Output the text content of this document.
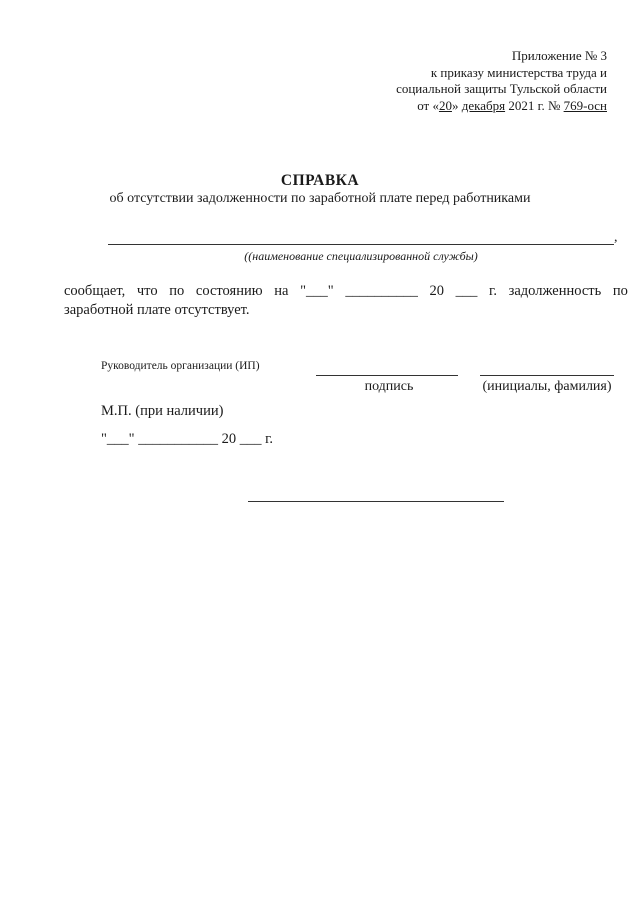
Приложение № 3
к приказу министерства труда и
социальной защиты Тульской области
от «20» декабря 2021 г. № 769-осн
СПРАВКА
об отсутствии задолженности по заработной плате перед работниками
,
((наименование специализированной службы)
сообщает, что по состоянию на "___" __________ 20 ___ г. задолженность по
заработной плате отсутствует.
Руководитель организации (ИП)
подпись	(инициалы, фамилия)
М.П. (при наличии)
"___" ___________ 20 ___ г.
